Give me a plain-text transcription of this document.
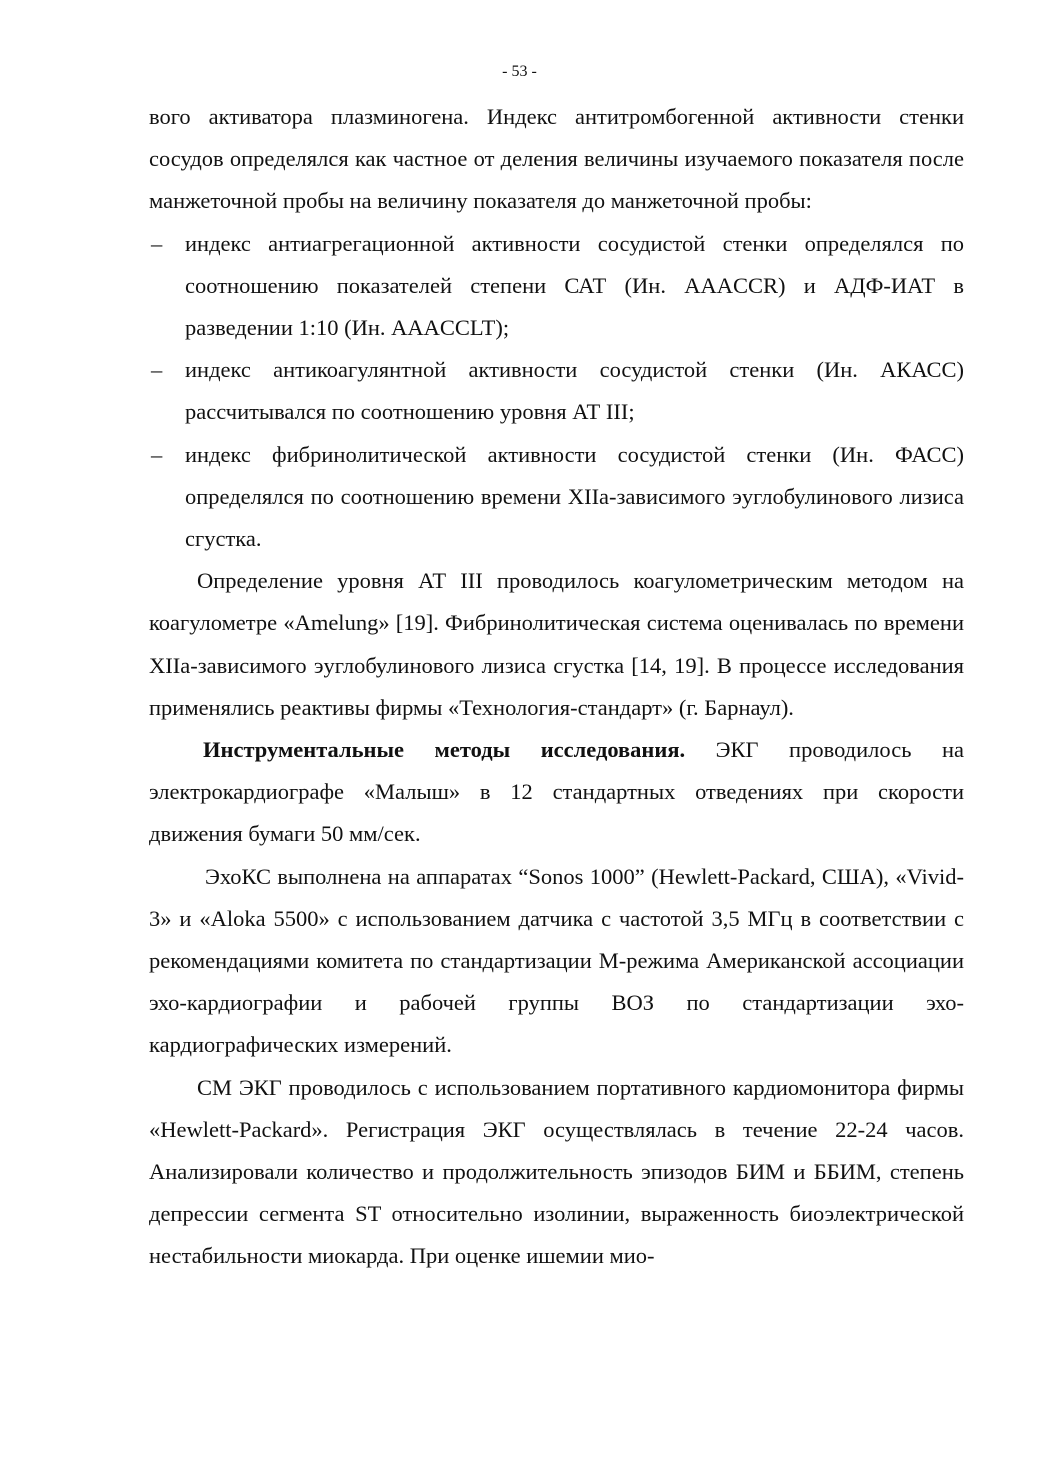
- 53 -

вого активатора плазминогена. Индекс антитромбогенной активности стенки сосудов определялся как частное от деления величины изучаемого показателя после манжеточной пробы на величину показателя до манжеточной пробы:

– индекс антиагрегационной активности сосудистой стенки определялся по соотношению показателей степени САТ (Ин. AAACCR) и АДФ-ИАТ в разведении 1:10 (Ин. AAACCLT);
– индекс антикоагулянтной активности сосудистой стенки (Ин. АКАСС) рассчитывался по соотношению уровня АТ III;
– индекс фибринолитической активности сосудистой стенки (Ин. ФАСС) определялся по соотношению времени XIIa-зависимого эуглобулинового лизиса сгустка.

Определение уровня АТ III проводилось коагулометрическим методом на коагулометре «Amelung» [19]. Фибринолитическая система оценивалась по времени XIIa-зависимого эуглобулинового лизиса сгустка [14, 19]. В процессе исследования применялись реактивы фирмы «Технология-стандарт» (г. Барнаул).

Инструментальные методы исследования. ЭКГ проводилось на электрокардиографе «Малыш» в 12 стандартных отведениях при скорости движения бумаги 50 мм/сек.

ЭхоКС выполнена на аппаратах “Sonos 1000” (Hewlett-Packard, США), «Vivid-3» и «Aloka 5500» с использованием датчика с частотой 3,5 МГц в соответствии с рекомендациями комитета по стандартизации М-режима Американской ассоциации эхо-кардиографии и рабочей группы ВОЗ по стандартизации эхо-кардиографических измерений.

СМ ЭКГ проводилось с использованием портативного кардиомонитора фирмы «Hewlett-Packard». Регистрация ЭКГ осуществлялась в течение 22-24 часов. Анализировали количество и продолжительность эпизодов БИМ и ББИМ, степень депрессии сегмента ST относительно изолинии, выраженность биоэлектрической нестабильности миокарда. При оценке ишемии мио-
